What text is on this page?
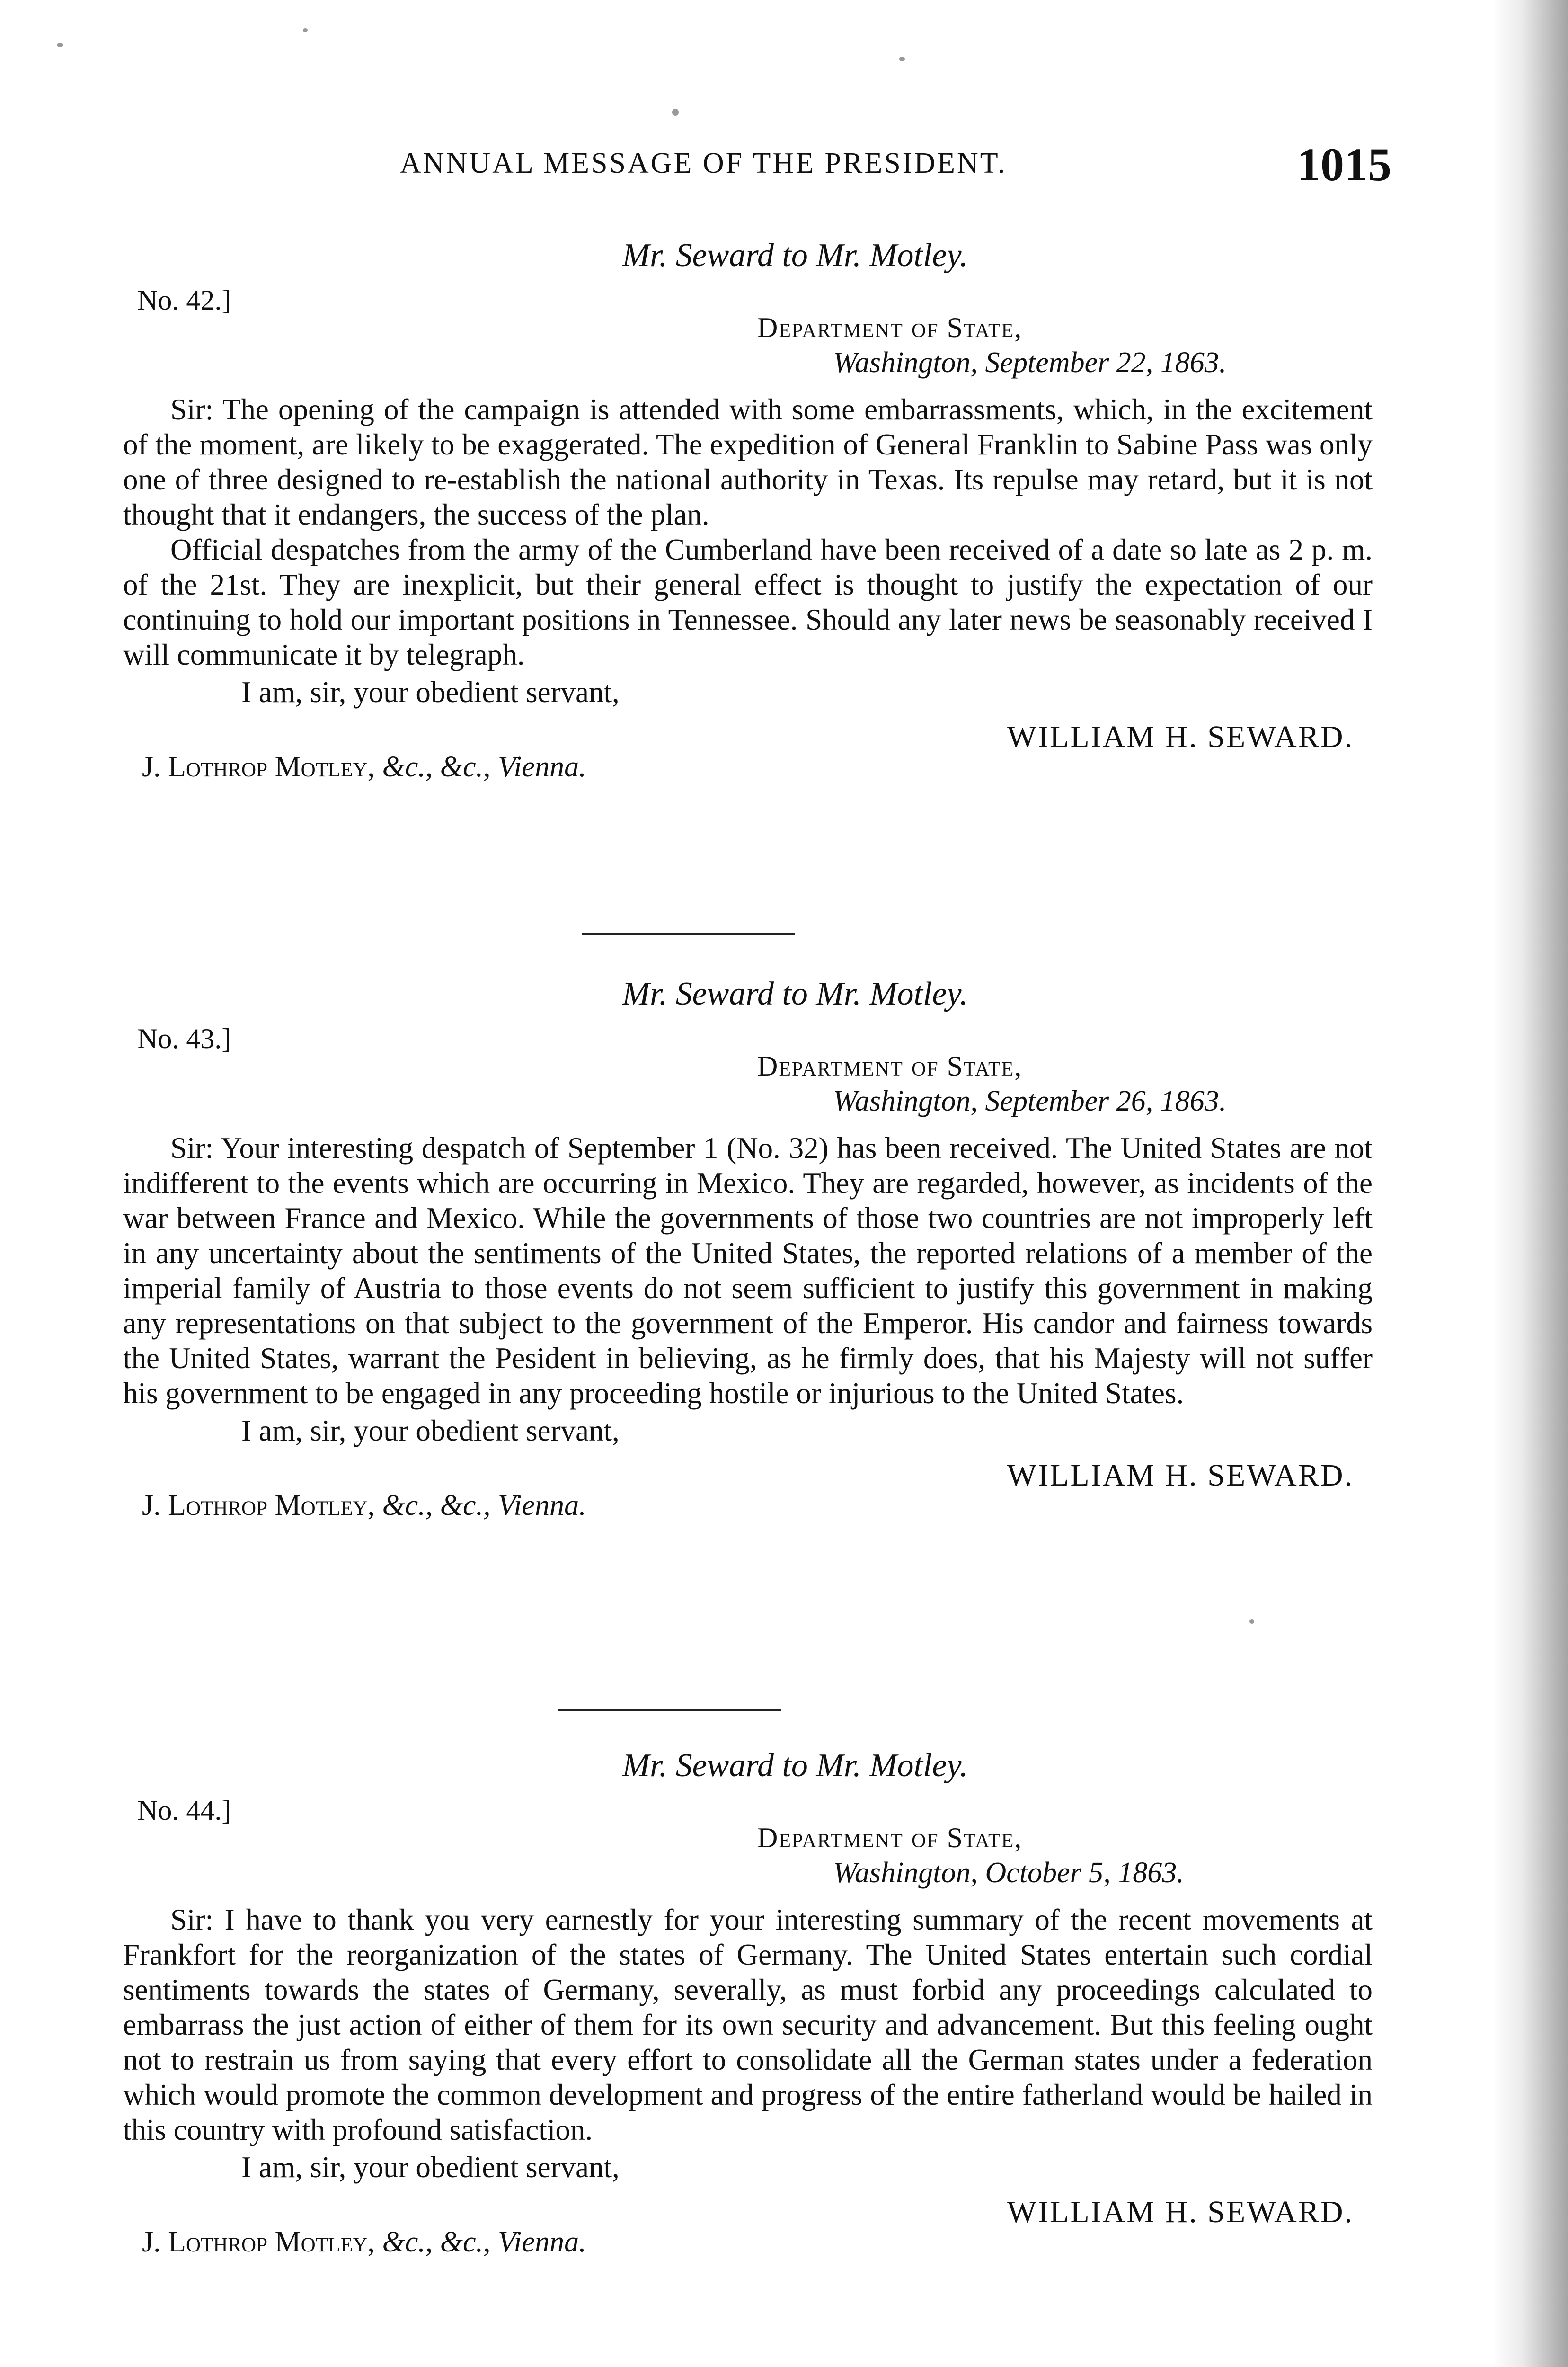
ANNUAL MESSAGE OF THE PRESIDENT.	1015
Mr. Seward to Mr. Motley.
No. 42.]
Department of State,
Washington, September 22, 1863.

Sir: The opening of the campaign is attended with some embarrassments, which, in the excitement of the moment, are likely to be exaggerated. The expedition of General Franklin to Sabine Pass was only one of three designed to re-establish the national authority in Texas. Its repulse may retard, but it is not thought that it endangers, the success of the plan.

Official despatches from the army of the Cumberland have been received of a date so late as 2 p. m. of the 21st. They are inexplicit, but their general effect is thought to justify the expectation of our continuing to hold our important positions in Tennessee. Should any later news be seasonably received I will communicate it by telegraph.

I am, sir, your obedient servant,
WILLIAM H. SEWARD.
J. Lothrop Motley, &c., &c., Vienna.
Mr. Seward to Mr. Motley.
No. 43.]
Department of State,
Washington, September 26, 1863.

Sir: Your interesting despatch of September 1 (No. 32) has been received. The United States are not indifferent to the events which are occurring in Mexico. They are regarded, however, as incidents of the war between France and Mexico. While the governments of those two countries are not improperly left in any uncertainty about the sentiments of the United States, the reported relations of a member of the imperial family of Austria to those events do not seem sufficient to justify this government in making any representations on that subject to the government of the Emperor. His candor and fairness towards the United States, warrant the Pesident in believing, as he firmly does, that his Majesty will not suffer his government to be engaged in any proceeding hostile or injurious to the United States.

I am, sir, your obedient servant,
WILLIAM H. SEWARD.
J. Lothrop Motley, &c., &c., Vienna.
Mr. Seward to Mr. Motley.
No. 44.]
Department of State,
Washington, October 5, 1863.

Sir: I have to thank you very earnestly for your interesting summary of the recent movements at Frankfort for the reorganization of the states of Germany. The United States entertain such cordial sentiments towards the states of Germany, severally, as must forbid any proceedings calculated to embarrass the just action of either of them for its own security and advancement. But this feeling ought not to restrain us from saying that every effort to consolidate all the German states under a federation which would promote the common development and progress of the entire fatherland would be hailed in this country with profound satisfaction.

I am, sir, your obedient servant,
WILLIAM H. SEWARD.
J. Lothrop Motley, &c., &c., Vienna.
